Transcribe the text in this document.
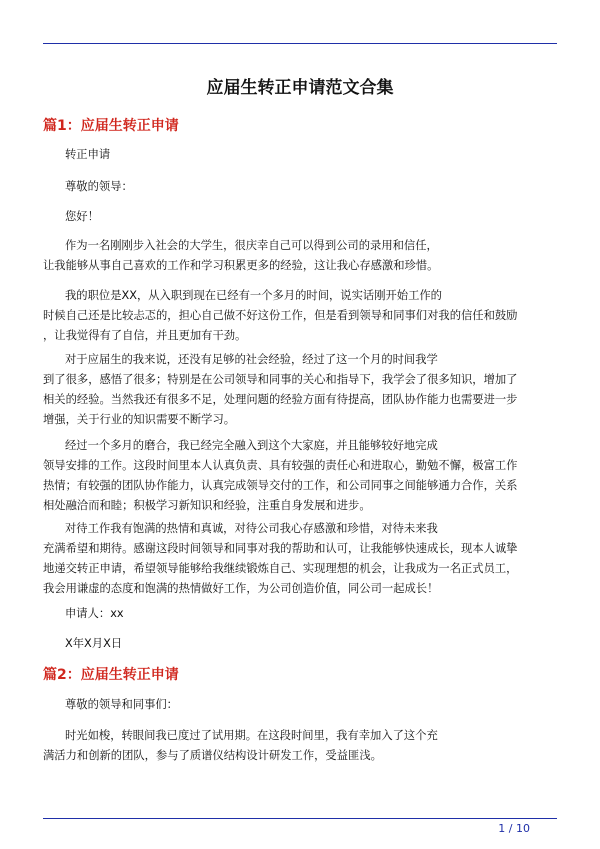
应届生转正申请范文合集
篇1：应届生转正申请
转正申请
尊敬的领导：
您好！
作为一名刚刚步入社会的大学生，很庆幸自己可以得到公司的录用和信任，
让我能够从事自己喜欢的工作和学习积累更多的经验，这让我心存感激和珍惜。
我的职位是XX，从入职到现在已经有一个多月的时间，说实话刚开始工作的
时候自己还是比较忐忑的，担心自己做不好这份工作，但是看到领导和同事们对我的信任和鼓励
，让我觉得有了自信，并且更加有干劲。
对于应届生的我来说，还没有足够的社会经验，经过了这一个月的时间我学
到了很多，感悟了很多；特别是在公司领导和同事的关心和指导下，我学会了很多知识，增加了
相关的经验。当然我还有很多不足，处理问题的经验方面有待提高，团队协作能力也需要进一步
增强，关于行业的知识需要不断学习。
经过一个多月的磨合，我已经完全融入到这个大家庭，并且能够较好地完成
领导安排的工作。这段时间里本人认真负责、具有较强的责任心和进取心，勤勉不懈，极富工作
热情；有较强的团队协作能力，认真完成领导交付的工作，和公司同事之间能够通力合作，关系
相处融洽而和睦；积极学习新知识和经验，注重自身发展和进步。
对待工作我有饱满的热情和真诚，对待公司我心存感激和珍惜，对待未来我
充满希望和期待。感谢这段时间领导和同事对我的帮助和认可，让我能够快速成长，现本人诚挚
地递交转正申请，希望领导能够给我继续锻炼自己、实现理想的机会，让我成为一名正式员工，
我会用谦虚的态度和饱满的热情做好工作，为公司创造价值，同公司一起成长！
申请人：xx
X年X月X日
篇2：应届生转正申请
尊敬的领导和同事们：
时光如梭，转眼间我已度过了试用期。在这段时间里，我有幸加入了这个充
满活力和创新的团队，参与了质谱仪结构设计研发工作，受益匪浅。
1 / 10
